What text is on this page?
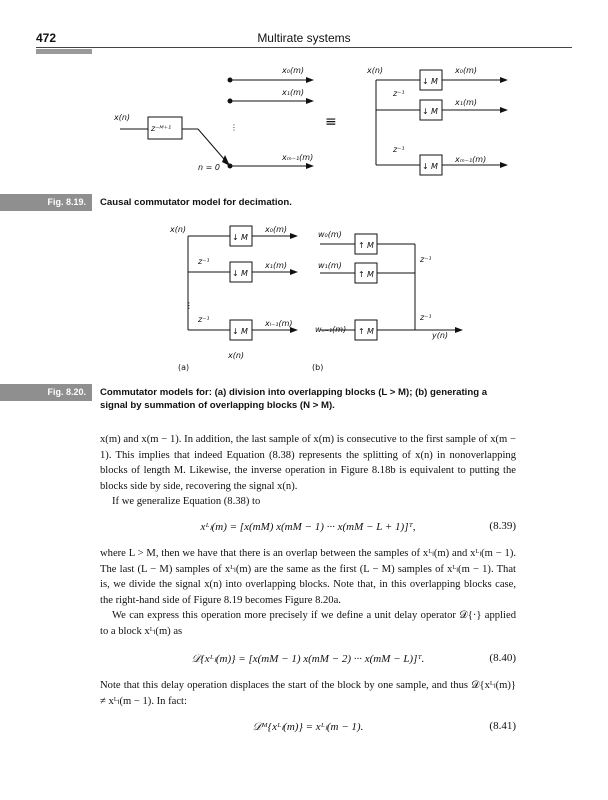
472	Multirate systems
x(n)
z⁻ᴹ⁺¹
x₀(m)
x₁(m)
xₘ₋₁(m)
⋮
n = 0
≡
x(n)
z⁻¹
z⁻¹
⋮
↓ M
↓ M
↓ M
x₀(m)
x₁(m)
xₘ₋₁(m)
Fig. 8.19.	Causal commutator model for decimation.
x(n)
z⁻¹
z⁻¹
⋮
↓ M
↓ M
↓ M
x₀(m)
x₁(m)
xₗ₋₁(m)
x(n)
(a)
w₀(m)
w₁(m)
wₙ₋₁(m)
↑ M
↑ M
↑ M
z⁻¹
z⁻¹
⋮
y(n)
(b)
Fig. 8.20.	Commutator models for: (a) division into overlapping blocks (L > M); (b) generating a signal by summation of overlapping blocks (N > M).

x(m) and x(m − 1). In addition, the last sample of x(m) is consecutive to the first sample of x(m − 1). This implies that indeed Equation (8.38) represents the splitting of x(n) in nonoverlapping blocks of length M. Likewise, the inverse operation in Figure 8.18b is equivalent to putting the blocks side by side, recovering the signal x(n).

If we generalize Equation (8.38) to

xᴸₗ(m) = [x(mM) x(mM − 1) ··· x(mM − L + 1)]ᵀ,	(8.39)

where L > M, then we have that there is an overlap between the samples of xᴸₗ(m) and xᴸₗ(m − 1). The last (L − M) samples of xᴸₗ(m) are the same as the first (L − M) samples of xᴸₗ(m − 1). That is, we divide the signal x(n) into overlapping blocks. Note that, in this overlapping blocks case, the right-hand side of Figure 8.19 becomes Figure 8.20a.

We can express this operation more precisely if we define a unit delay operator 𝒟{·} applied to a block xᴸₗ(m) as

𝒟{xᴸₗ(m)} = [x(mM − 1) x(mM − 2) ··· x(mM − L)]ᵀ.	(8.40)

Note that this delay operation displaces the start of the block by one sample, and thus 𝒟{xᴸₗ(m)} ≠ xᴸₗ(m − 1). In fact:

𝒟ᴹ{xᴸₗ(m)} = xᴸₗ(m − 1).	(8.41)
